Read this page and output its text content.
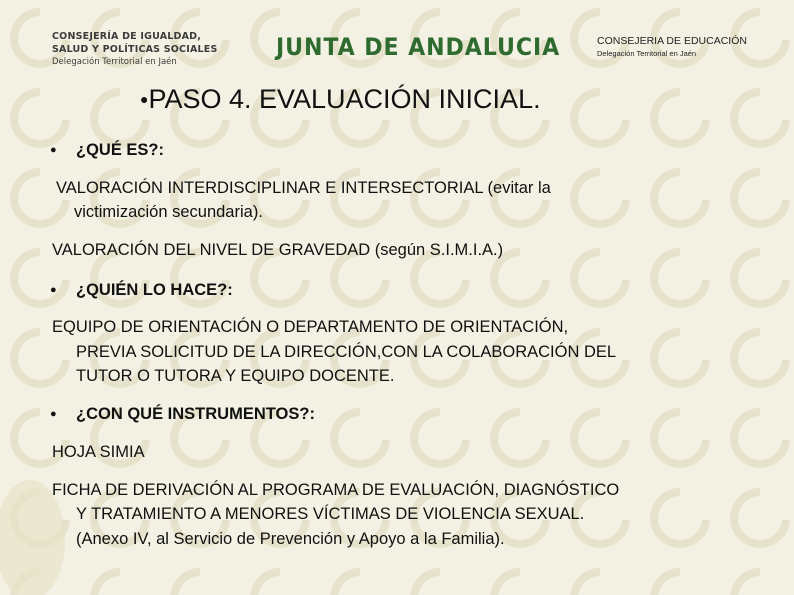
CONSEJERÍA DE IGUALDAD,
SALUD Y POLÍTICAS SOCIALES
Delegación Territorial en Jaén
JUNTA DE ANDALUCIA	CONSEJERIA DE EDUCACIÓN
Delegación Territorial en Jaén
●PASO 4. EVALUACIÓN INICIAL.
● ¿QUÉ ES?:
VALORACIÓN INTERDISCIPLINAR E INTERSECTORIAL (evitar la
victimización secundaria).
VALORACIÓN DEL NIVEL DE GRAVEDAD (según S.I.M.I.A.)
● ¿QUIÉN LO HACE?:
EQUIPO DE ORIENTACIÓN O DEPARTAMENTO DE ORIENTACIÓN,
PREVIA SOLICITUD DE LA DIRECCIÓN,CON LA COLABORACIÓN DEL
TUTOR O TUTORA Y EQUIPO DOCENTE.
● ¿CON QUÉ INSTRUMENTOS?:
HOJA SIMIA
FICHA DE DERIVACIÓN AL PROGRAMA DE EVALUACIÓN, DIAGNÓSTICO
Y TRATAMIENTO A MENORES VÍCTIMAS DE VIOLENCIA SEXUAL.
(Anexo IV, al Servicio de Prevención y Apoyo a la Familia).
